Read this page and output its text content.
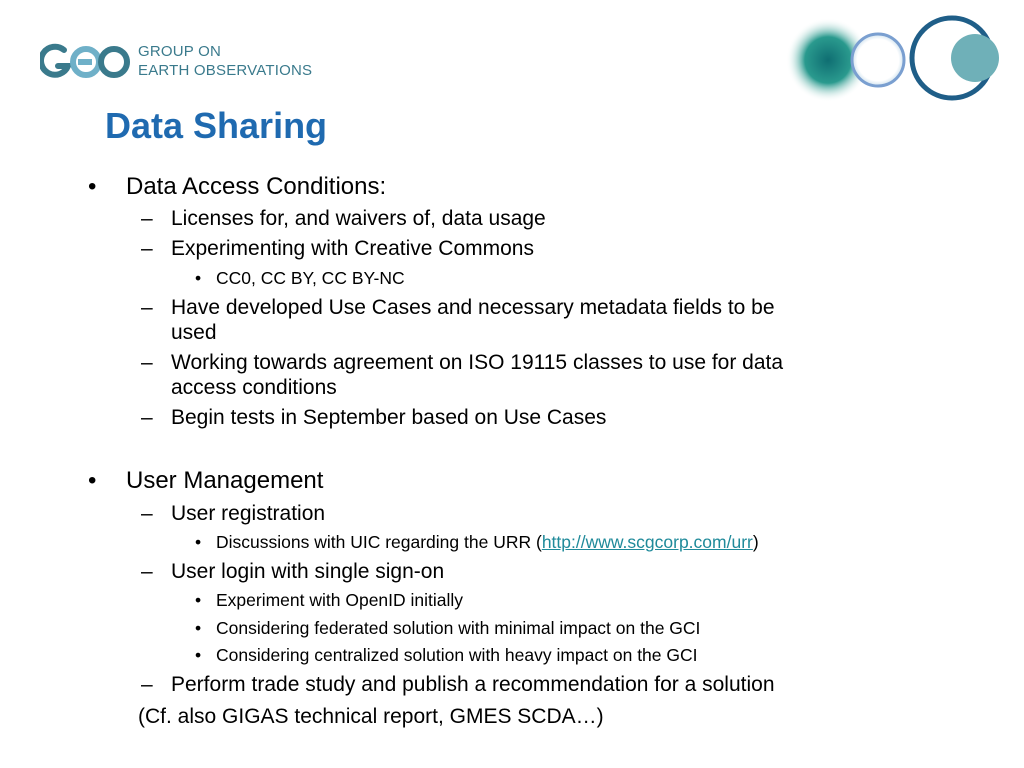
GROUP ON
EARTH OBSERVATIONS
Data Sharing
• Data Access Conditions:
– Licenses for, and waivers of, data usage
– Experimenting with Creative Commons
• CC0, CC BY, CC BY-NC
– Have developed Use Cases and necessary metadata fields to be
used
– Working towards agreement on ISO 19115 classes to use for data
access conditions
– Begin tests in September based on Use Cases
• User Management
– User registration
• Discussions with UIC regarding the URR (http://www.scgcorp.com/urr)
– User login with single sign-on
• Experiment with OpenID initially
• Considering federated solution with minimal impact on the GCI
• Considering centralized solution with heavy impact on the GCI
– Perform trade study and publish a recommendation for a solution
(Cf. also GIGAS technical report, GMES SCDA…)
